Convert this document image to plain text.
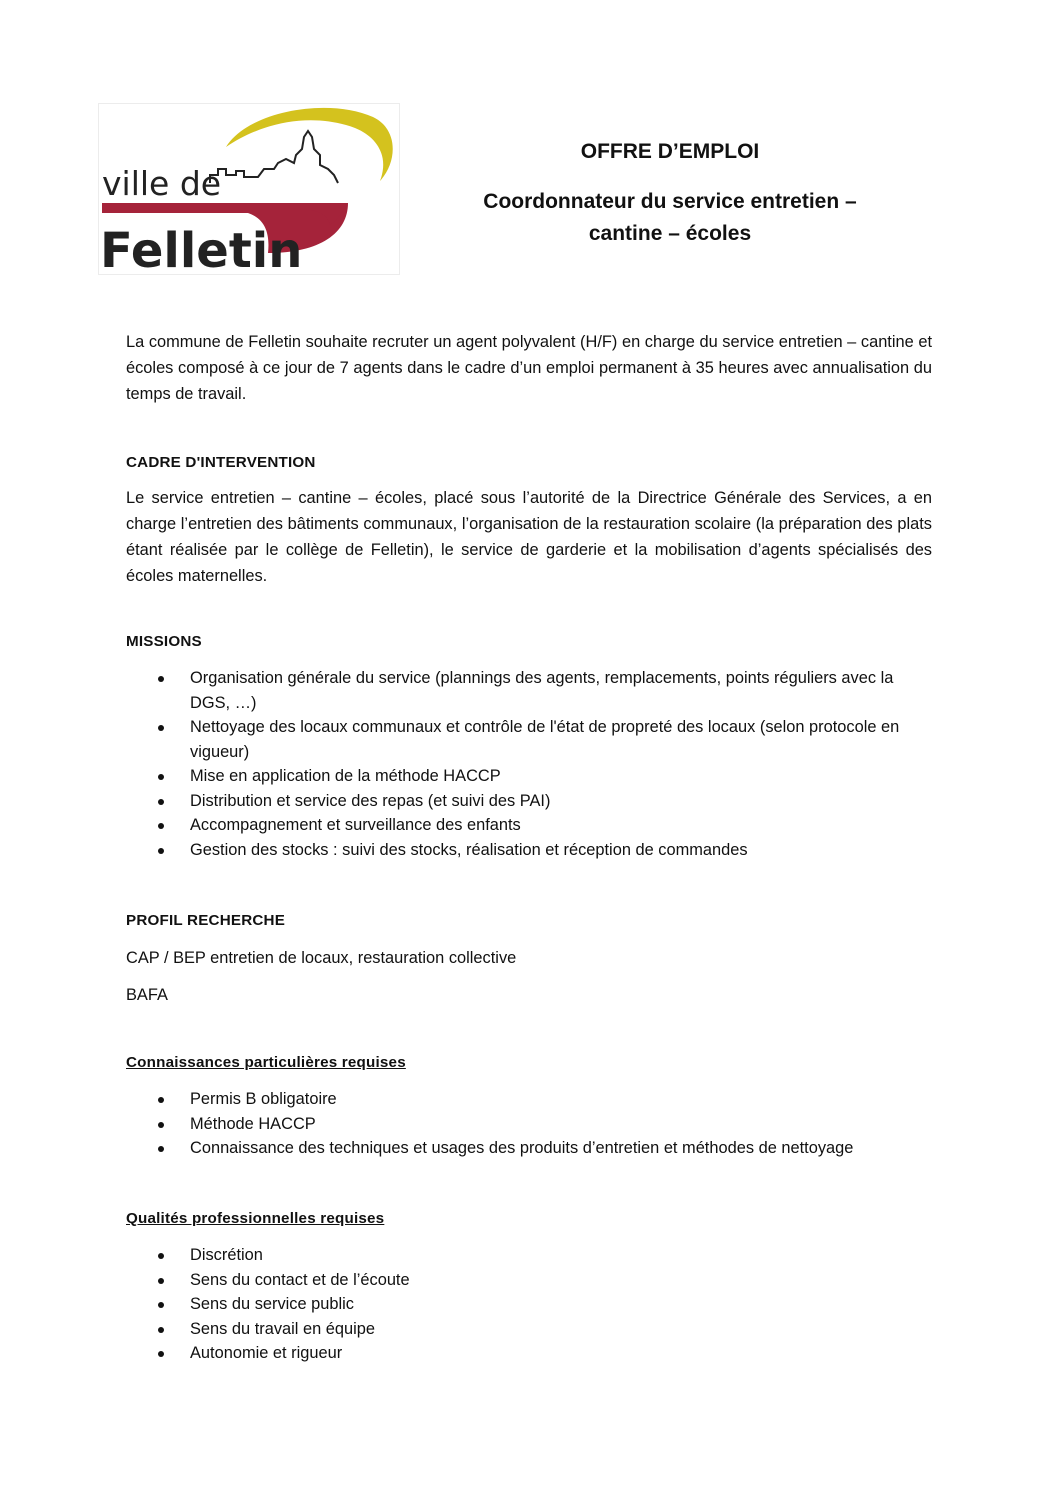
ville de
Felletin
OFFRE D’EMPLOI
Coordonnateur du service entretien –
cantine – écoles
La commune de Felletin souhaite recruter un agent polyvalent (H/F) en charge du service entretien – cantine et écoles composé à ce jour de 7 agents dans le cadre d’un emploi permanent à 35 heures avec annualisation du temps de travail.
CADRE D'INTERVENTION
Le service entretien – cantine – écoles, placé sous l’autorité de la Directrice Générale des Services, a en charge l’entretien des bâtiments communaux, l’organisation de la restauration scolaire (la préparation des plats étant réalisée par le collège de Felletin), le service de garderie et la mobilisation d’agents spécialisés des écoles maternelles.
MISSIONS
Organisation générale du service (plannings des agents, remplacements, points réguliers avec la DGS, …)
Nettoyage des locaux communaux et contrôle de l'état de propreté des locaux (selon protocole en vigueur)
Mise en application de la méthode HACCP
Distribution et service des repas (et suivi des PAI)
Accompagnement et surveillance des enfants
Gestion des stocks : suivi des stocks, réalisation et réception de commandes
PROFIL RECHERCHE
CAP / BEP entretien de locaux, restauration collective
BAFA
Connaissances particulières requises
Permis B obligatoire
Méthode HACCP
Connaissance des techniques et usages des produits d’entretien et méthodes de nettoyage
Qualités professionnelles requises
Discrétion
Sens du contact et de l’écoute
Sens du service public
Sens du travail en équipe
Autonomie et rigueur
